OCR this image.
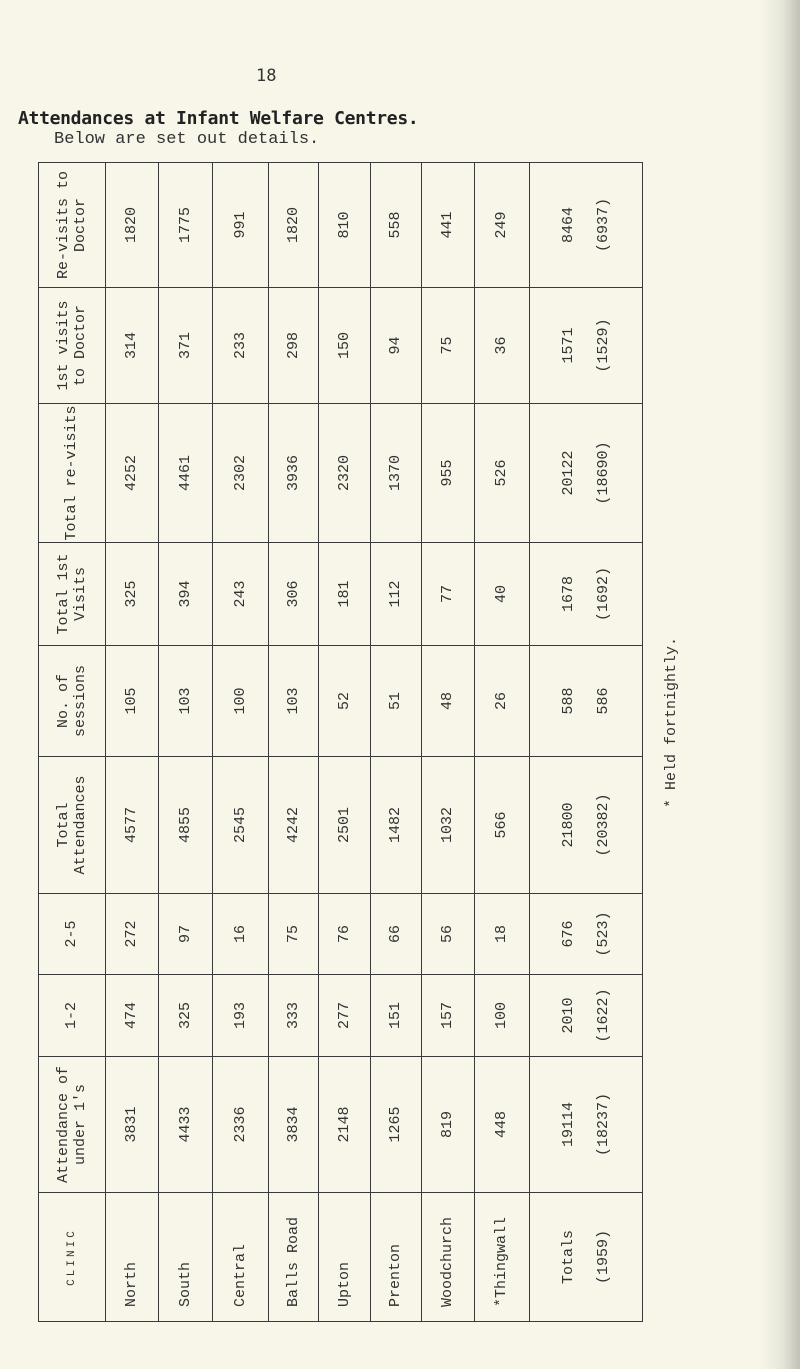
18
Attendances at Infant Welfare Centres.
Below are set out details.
CLINIC	Attendance of under 1's	1-2	2-5	Total Attendances	No. of sessions	Total 1st Visits	Total re-visits	1st visits to Doctor	Re-visits to Doctor
North	3831	474	272	4577	105	325	4252	314	1820
South	4433	325	97	4855	103	394	4461	371	1775
Central	2336	193	16	2545	100	243	2302	233	991
Balls Road	3834	333	75	4242	103	306	3936	298	1820
Upton	2148	277	76	2501	52	181	2320	150	810
Prenton	1265	151	66	1482	51	112	1370	94	558
Woodchurch	819	157	56	1032	48	77	955	75	441
*Thingwall	448	100	18	566	26	40	526	36	249
Totals (1959)	19114 (18237)	2010 (1622)	676 (523)	21800 (20382)	588 586	1678 (1692)	20122 (18690)	1571 (1529)	8464 (6937)
* Held fortnightly.
